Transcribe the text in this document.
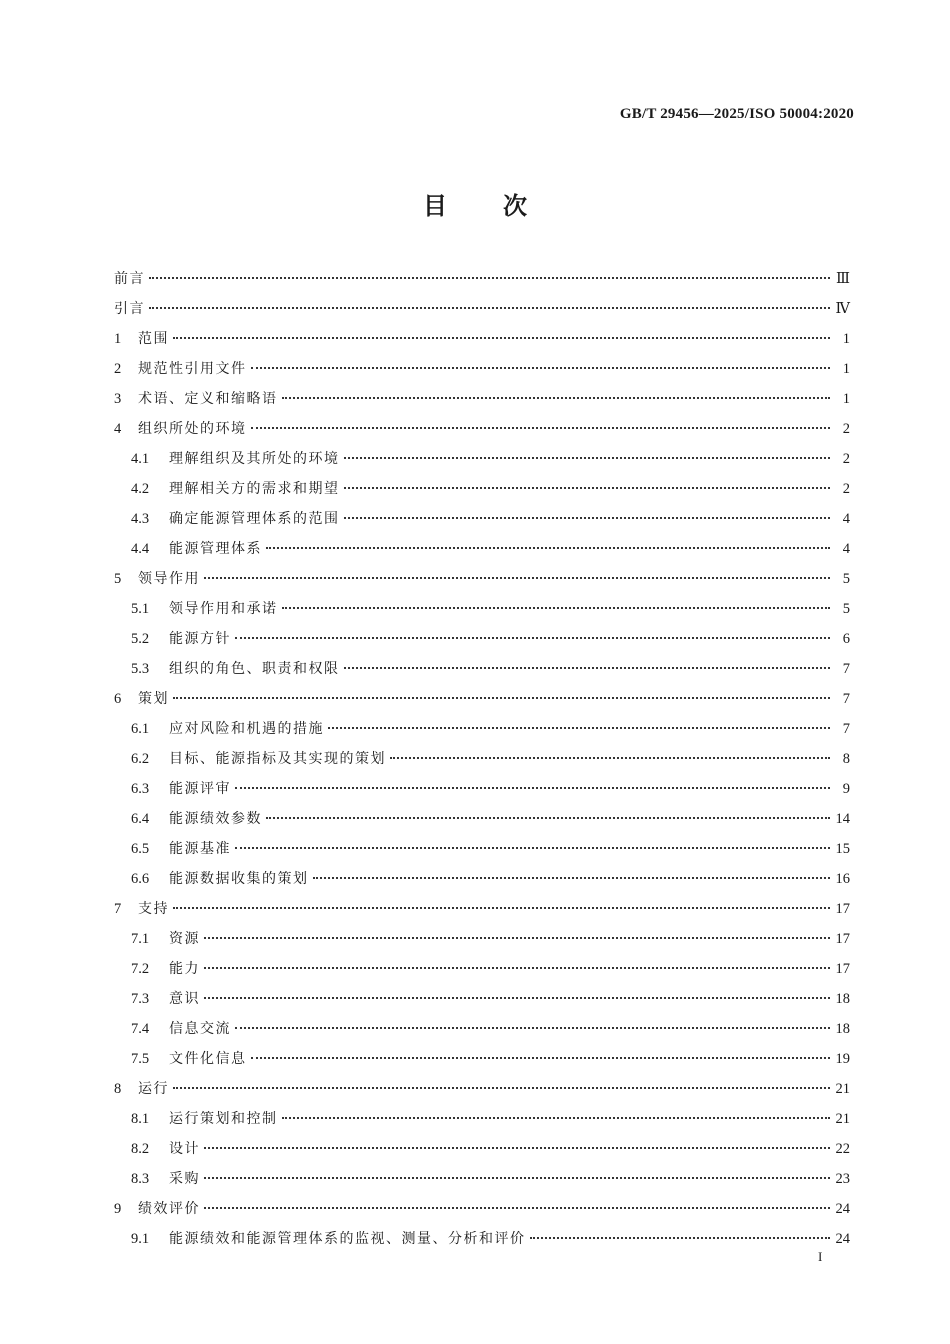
GB/T 29456—2025/ISO 50004:2020
目次
前言	Ⅲ
引言	Ⅳ
1	范围	1
2	规范性引用文件	1
3	术语、定义和缩略语	1
4	组织所处的环境	2
4.1	理解组织及其所处的环境	2
4.2	理解相关方的需求和期望	2
4.3	确定能源管理体系的范围	4
4.4	能源管理体系	4
5	领导作用	5
5.1	领导作用和承诺	5
5.2	能源方针	6
5.3	组织的角色、职责和权限	7
6	策划	7
6.1	应对风险和机遇的措施	7
6.2	目标、能源指标及其实现的策划	8
6.3	能源评审	9
6.4	能源绩效参数	14
6.5	能源基准	15
6.6	能源数据收集的策划	16
7	支持	17
7.1	资源	17
7.2	能力	17
7.3	意识	18
7.4	信息交流	18
7.5	文件化信息	19
8	运行	21
8.1	运行策划和控制	21
8.2	设计	22
8.3	采购	23
9	绩效评价	24
9.1	能源绩效和能源管理体系的监视、测量、分析和评价	24
I
